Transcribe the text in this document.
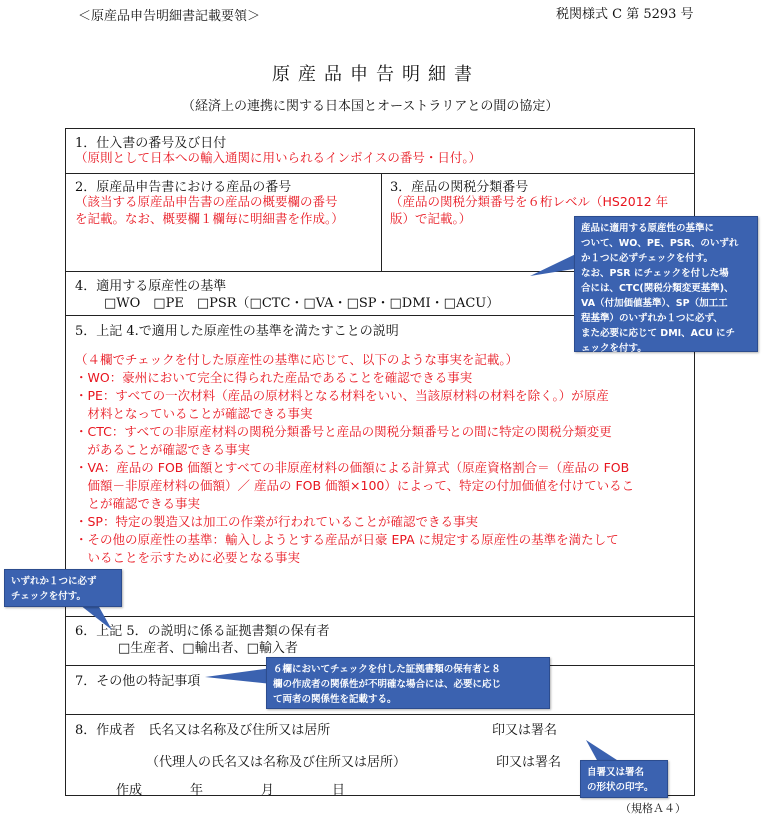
＜原産品申告明細書記載要領＞	税関様式 C 第 5293 号
原産品申告明細書
（経済上の連携に関する日本国とオーストラリアとの間の協定）
1．仕入書の番号及び日付
（原則として日本への輸入通関に用いられるインボイスの番号・日付。）
2．原産品申告書における産品の番号
（該当する原産品申告書の産品の概要欄の番号
を記載。なお、概要欄１欄毎に明細書を作成。）
3．産品の関税分類番号
（産品の関税分類番号を６桁レベル（HS2012 年
版）で記載。）
4．適用する原産性の基準
□WO　□PE　□PSR（□CTC・□VA・□SP・□DMI・□ACU）
5．上記 4.で適用した原産性の基準を満たすことの説明
（４欄でチェックを付した原産性の基準に応じて、以下のような事実を記載。）
・WO：豪州において完全に得られた産品であることを確認できる事実
・PE：すべての一次材料（産品の原材料となる材料をいい、当該原材料の材料を除く。）が原産
　材料となっていることが確認できる事実
・CTC：すべての非原産材料の関税分類番号と産品の関税分類番号との間に特定の関税分類変更
　があることが確認できる事実
・VA：産品の FOB 価額とすべての非原産材料の価額による計算式（原産資格割合＝（産品の FOB
　価額－非原産材料の価額）／ 産品の FOB 価額×100）によって、特定の付加価値を付けているこ
　とが確認できる事実
・SP：特定の製造又は加工の作業が行われていることが確認できる事実
・その他の原産性の基準：輸入しようとする産品が日豪 EPA に規定する原産性の基準を満たして
　いることを示すために必要となる事実
6．上記 5．の説明に係る証拠書類の保有者
□生産者、□輸出者、□輸入者
7．その他の特記事項
8．作成者　氏名又は名称及び住所又は居所	印又は署名
（代理人の氏名又は名称及び住所又は居所）	印又は署名
作成	年	月	日
産品に適用する原産性の基準に
ついて、WO、PE、PSR、のいずれ
か１つに必ずチェックを付す。
なお、PSR にチェックを付した場
合には、CTC(関税分類変更基準)、
VA（付加価値基準）、SP（加工工
程基準）のいずれか１つに必ず、
また必要に応じて DMI、ACU にチ
ェックを付す。
いずれか１つに必ず
チェックを付す。
６欄においてチェックを付した証拠書類の保有者と８
欄の作成者の関係性が不明確な場合には、必要に応じ
て両者の関係性を記載する。
自署又は署名
の形状の印字。
（規格Ａ４）
